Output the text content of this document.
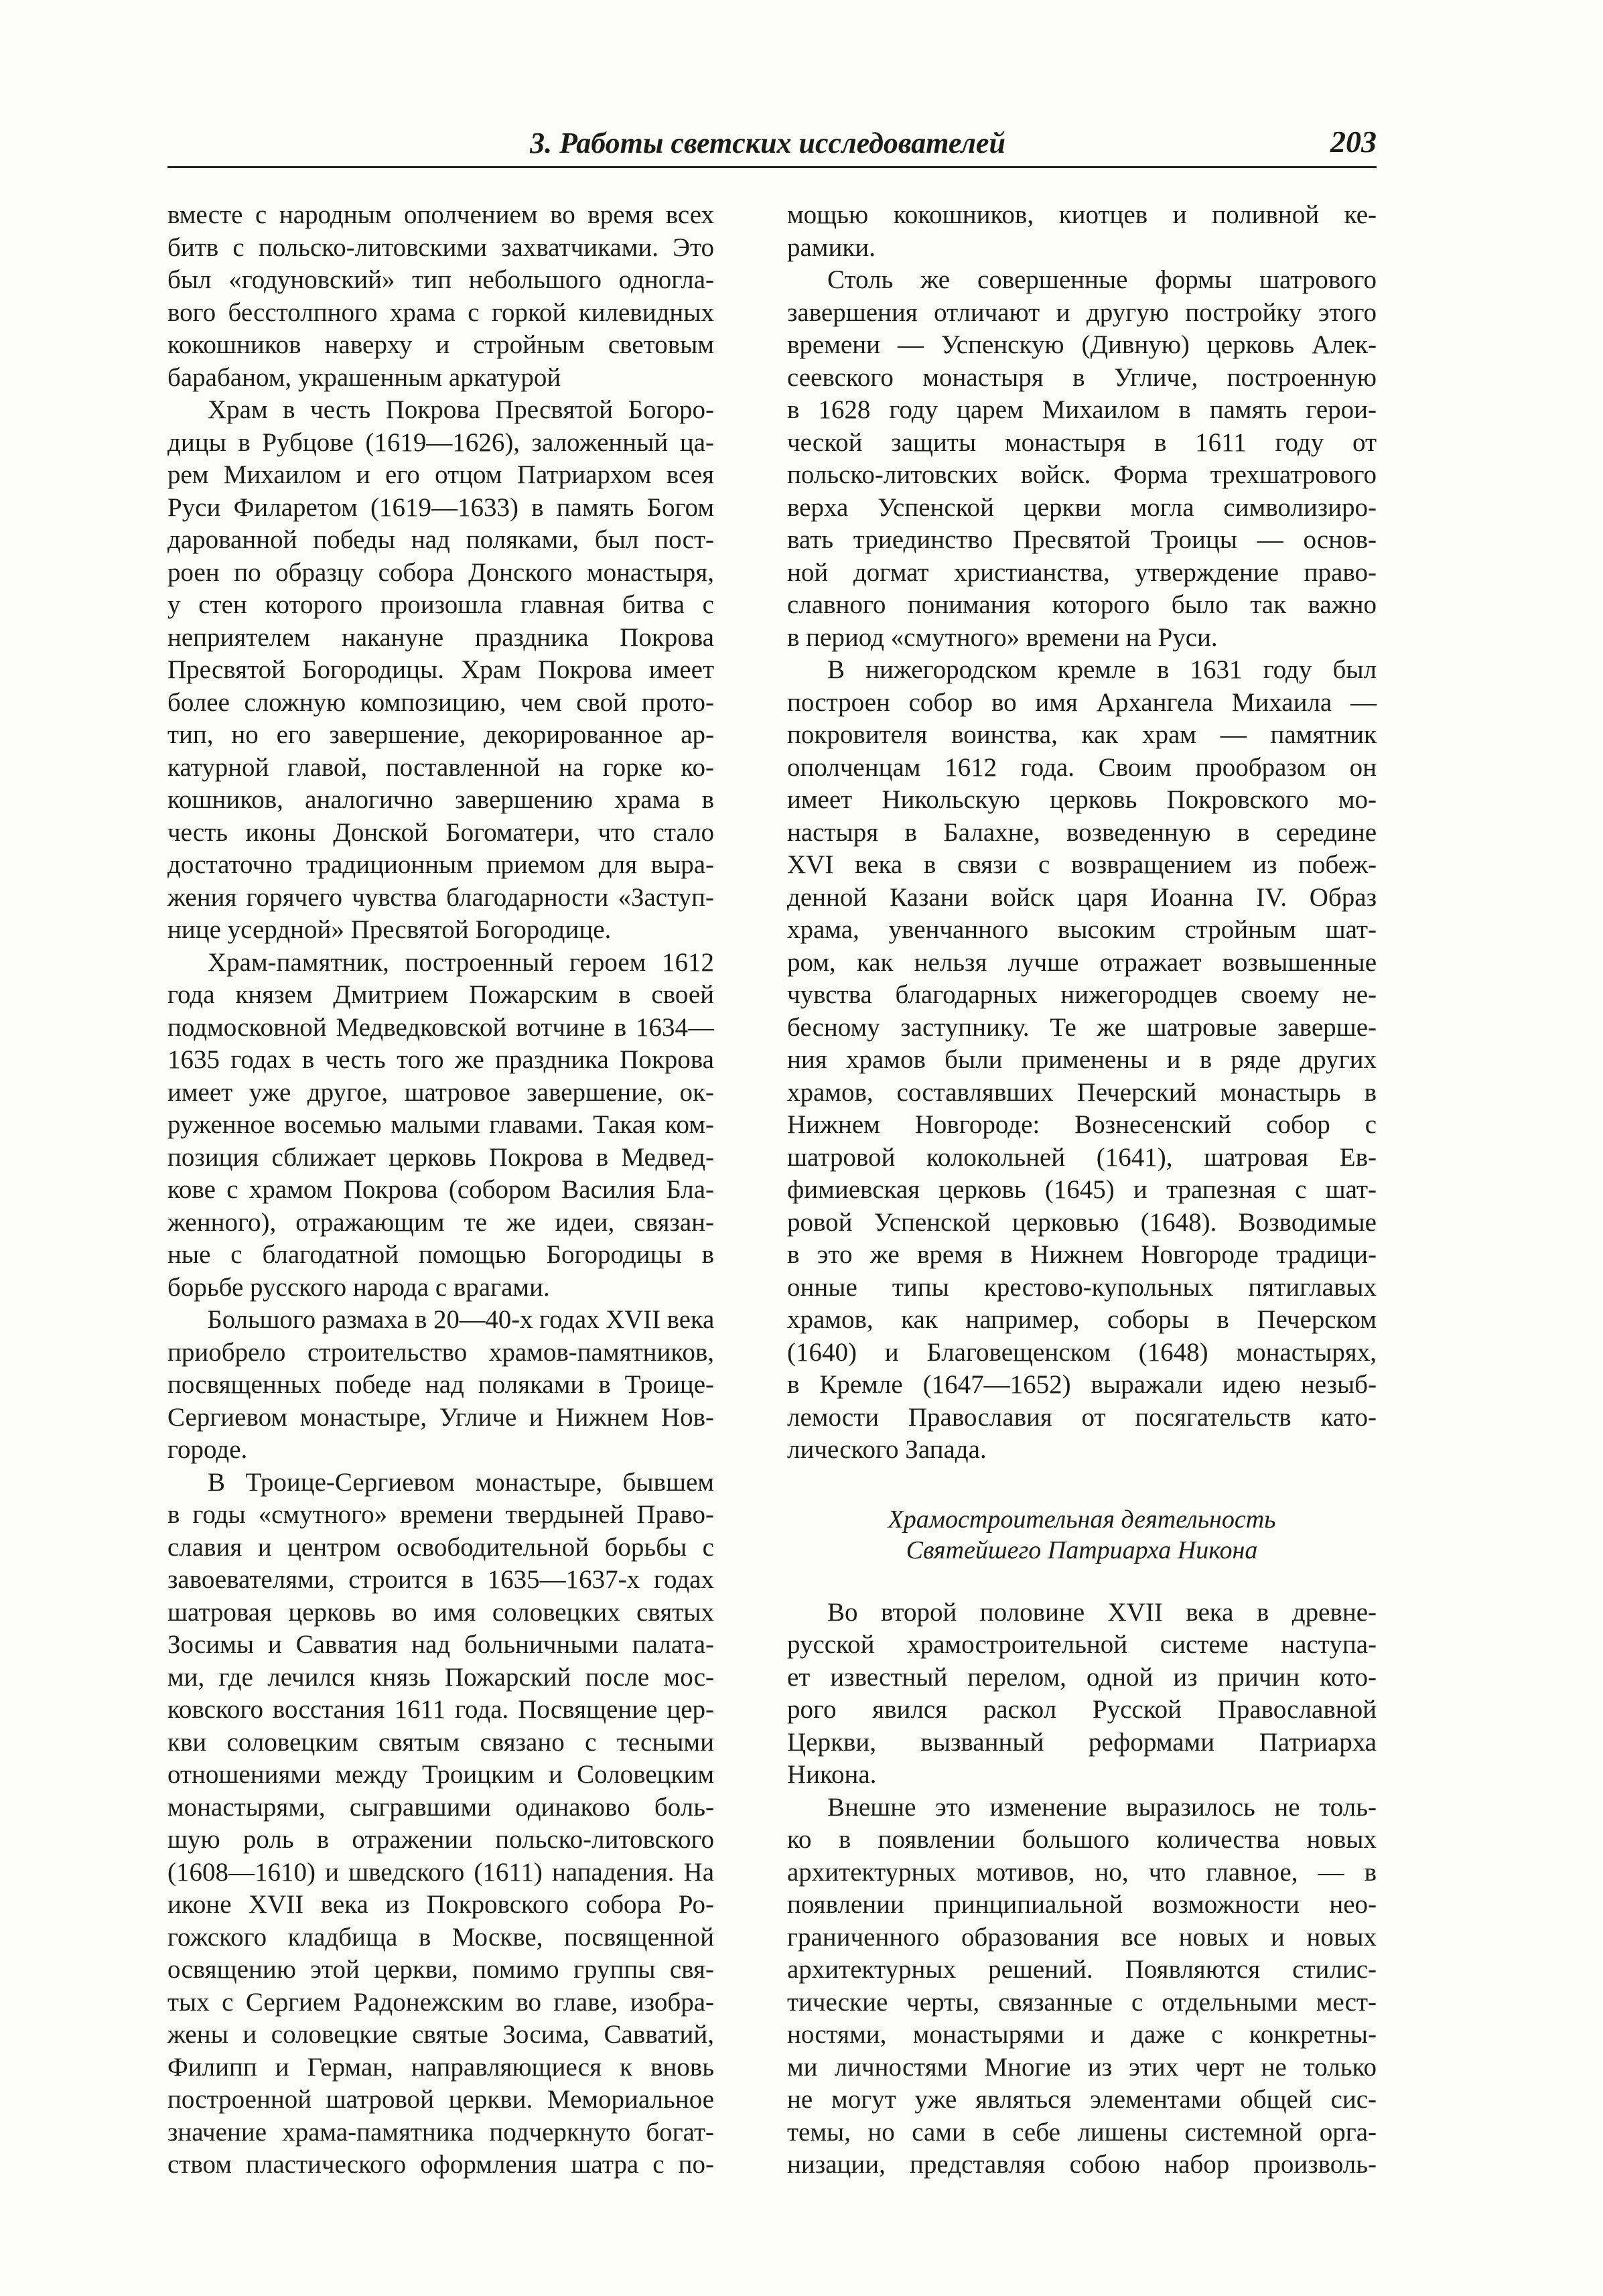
3. Работы светских исследователей	203
вместе с народным ополчением во время всех
битв с польско-литовскими захватчиками. Это
был «годуновский» тип небольшого одногла-
вого бесстолпного храма с горкой килевидных
кокошников наверху и стройным световым
барабаном, украшенным аркатурой
Храм в честь Покрова Пресвятой Богоро-
дицы в Рубцове (1619—1626), заложенный ца-
рем Михаилом и его отцом Патриархом всея
Руси Филаретом (1619—1633) в память Богом
дарованной победы над поляками, был пост-
роен по образцу собора Донского монастыря,
у стен которого произошла главная битва с
неприятелем накануне праздника Покрова
Пресвятой Богородицы. Храм Покрова имеет
более сложную композицию, чем свой прото-
тип, но его завершение, декорированное ар-
катурной главой, поставленной на горке ко-
кошников, аналогично завершению храма в
честь иконы Донской Богоматери, что стало
достаточно традиционным приемом для выра-
жения горячего чувства благодарности «Заступ-
нице усердной» Пресвятой Богородице.
Храм-памятник, построенный героем 1612
года князем Дмитрием Пожарским в своей
подмосковной Медведковской вотчине в 1634—
1635 годах в честь того же праздника Покрова
имеет уже другое, шатровое завершение, ок-
руженное восемью малыми главами. Такая ком-
позиция сближает церковь Покрова в Медвед-
кове с храмом Покрова (собором Василия Бла-
женного), отражающим те же идеи, связан-
ные с благодатной помощью Богородицы в
борьбе русского народа с врагами.
Большого размаха в 20—40-х годах XVII века
приобрело строительство храмов-памятников,
посвященных победе над поляками в Троице-
Сергиевом монастыре, Угличе и Нижнем Нов-
городе.
В Троице-Сергиевом монастыре, бывшем
в годы «смутного» времени твердыней Право-
славия и центром освободительной борьбы с
завоевателями, строится в 1635—1637-х годах
шатровая церковь во имя соловецких святых
Зосимы и Савватия над больничными палата-
ми, где лечился князь Пожарский после мос-
ковского восстания 1611 года. Посвящение цер-
кви соловецким святым связано с тесными
отношениями между Троицким и Соловецким
монастырями, сыгравшими одинаково боль-
шую роль в отражении польско-литовского
(1608—1610) и шведского (1611) нападения. На
иконе XVII века из Покровского собора Ро-
гожского кладбища в Москве, посвященной
освящению этой церкви, помимо группы свя-
тых с Сергием Радонежским во главе, изобра-
жены и соловецкие святые Зосима, Савватий,
Филипп и Герман, направляющиеся к вновь
построенной шатровой церкви. Мемориальное
значение храма-памятника подчеркнуто богат-
ством пластического оформления шатра с по-
мощью кокошников, киотцев и поливной ке-
рамики.
Столь же совершенные формы шатрового
завершения отличают и другую постройку этого
времени — Успенскую (Дивную) церковь Алек-
сеевского монастыря в Угличе, построенную
в 1628 году царем Михаилом в память герои-
ческой защиты монастыря в 1611 году от
польско-литовских войск. Форма трехшатрового
верха Успенской церкви могла символизиро-
вать триединство Пресвятой Троицы — основ-
ной догмат христианства, утверждение право-
славного понимания которого было так важно
в период «смутного» времени на Руси.
В нижегородском кремле в 1631 году был
построен собор во имя Архангела Михаила —
покровителя воинства, как храм — памятник
ополченцам 1612 года. Своим прообразом он
имеет Никольскую церковь Покровского мо-
настыря в Балахне, возведенную в середине
XVI века в связи с возвращением из побеж-
денной Казани войск царя Иоанна IV. Образ
храма, увенчанного высоким стройным шат-
ром, как нельзя лучше отражает возвышенные
чувства благодарных нижегородцев своему не-
бесному заступнику. Те же шатровые заверше-
ния храмов были применены и в ряде других
храмов, составлявших Печерский монастырь в
Нижнем Новгороде: Вознесенский собор с
шатровой колокольней (1641), шатровая Ев-
фимиевская церковь (1645) и трапезная с шат-
ровой Успенской церковью (1648). Возводимые
в это же время в Нижнем Новгороде традици-
онные типы крестово-купольных пятиглавых
храмов, как например, соборы в Печерском
(1640) и Благовещенском (1648) монастырях,
в Кремле (1647—1652) выражали идею незыб-
лемости Православия от посягательств като-
лического Запада.
Храмостроительная деятельность
Святейшего Патриарха Никона
Во второй половине XVII века в древне-
русской храмостроительной системе наступа-
ет известный перелом, одной из причин кото-
рого явился раскол Русской Православной
Церкви, вызванный реформами Патриарха
Никона.
Внешне это изменение выразилось не толь-
ко в появлении большого количества новых
архитектурных мотивов, но, что главное, — в
появлении принципиальной возможности нео-
граниченного образования все новых и новых
архитектурных решений. Появляются стилис-
тические черты, связанные с отдельными мест-
ностями, монастырями и даже с конкретны-
ми личностями Многие из этих черт не только
не могут уже являться элементами общей сис-
темы, но сами в себе лишены системной орга-
низации, представляя собою набор произволь-
